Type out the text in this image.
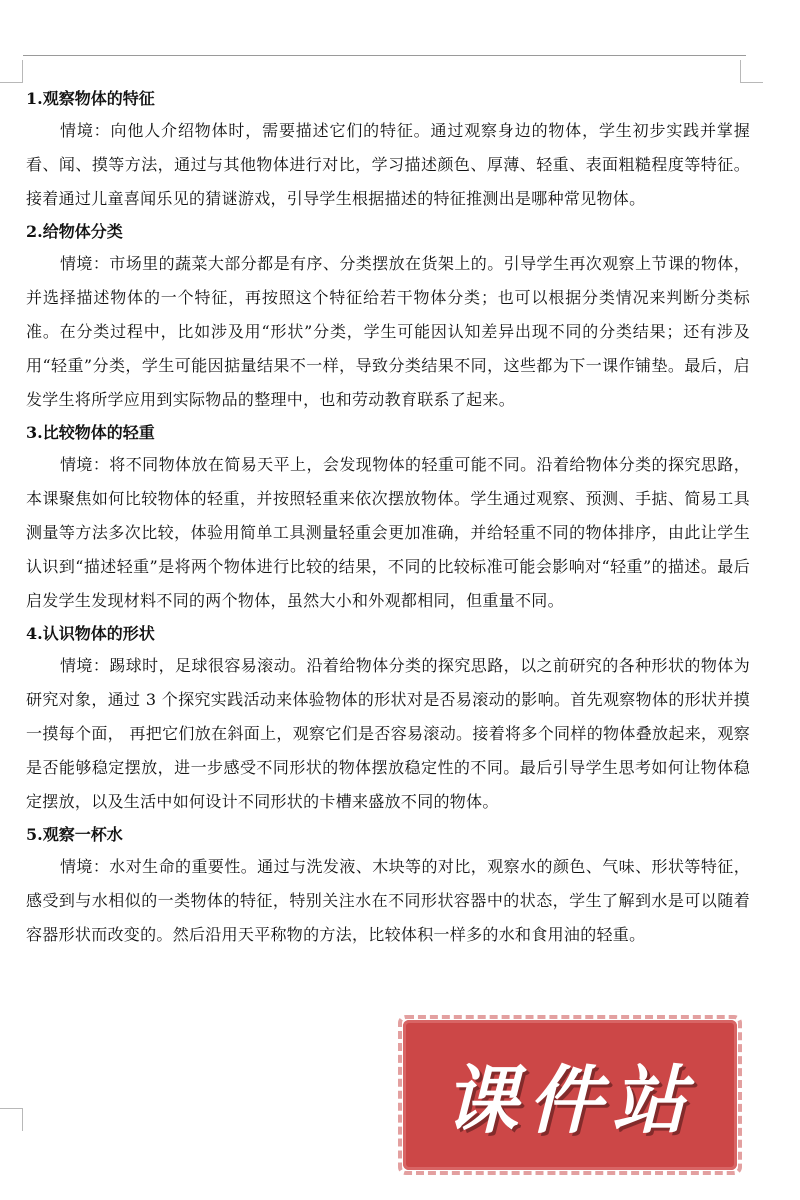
1.观察物体的特征

情境：向他人介绍物体时，需要描述它们的特征。通过观察身边的物体，学生初步实践并掌握看、闻、摸等方法，通过与其他物体进行对比，学习描述颜色、厚薄、轻重、表面粗糙程度等特征。接着通过儿童喜闻乐见的猜谜游戏，引导学生根据描述的特征推测出是哪种常见物体。

2.给物体分类

情境：市场里的蔬菜大部分都是有序、分类摆放在货架上的。引导学生再次观察上节课的物体，并选择描述物体的一个特征，再按照这个特征给若干物体分类；也可以根据分类情况来判断分类标准。在分类过程中，比如涉及用“形状”分类，学生可能因认知差异出现不同的分类结果；还有涉及用“轻重”分类，学生可能因掂量结果不一样，导致分类结果不同，这些都为下一课作铺垫。最后，启发学生将所学应用到实际物品的整理中，也和劳动教育联系了起来。

3.比较物体的轻重

情境：将不同物体放在简易天平上，会发现物体的轻重可能不同。沿着给物体分类的探究思路，本课聚焦如何比较物体的轻重，并按照轻重来依次摆放物体。学生通过观察、预测、手掂、简易工具测量等方法多次比较，体验用简单工具测量轻重会更加准确，并给轻重不同的物体排序，由此让学生认识到“描述轻重”是将两个物体进行比较的结果，不同的比较标准可能会影响对“轻重”的描述。最后启发学生发现材料不同的两个物体，虽然大小和外观都相同，但重量不同。

4.认识物体的形状

情境：踢球时，足球很容易滚动。沿着给物体分类的探究思路，以之前研究的各种形状的物体为研究对象，通过 3 个探究实践活动来体验物体的形状对是否易滚动的影响。首先观察物体的形状并摸一摸每个面， 再把它们放在斜面上，观察它们是否容易滚动。接着将多个同样的物体叠放起来，观察是否能够稳定摆放，进一步感受不同形状的物体摆放稳定性的不同。最后引导学生思考如何让物体稳定摆放，以及生活中如何设计不同形状的卡槽来盛放不同的物体。

5.观察一杯水

情境：水对生命的重要性。通过与洗发液、木块等的对比，观察水的颜色、气味、形状等特征，感受到与水相似的一类物体的特征，特别关注水在不同形状容器中的状态，学生了解到水是可以随着容器形状而改变的。然后沿用天平称物的方法，比较体积一样多的水和食用油的轻重。

课件站
